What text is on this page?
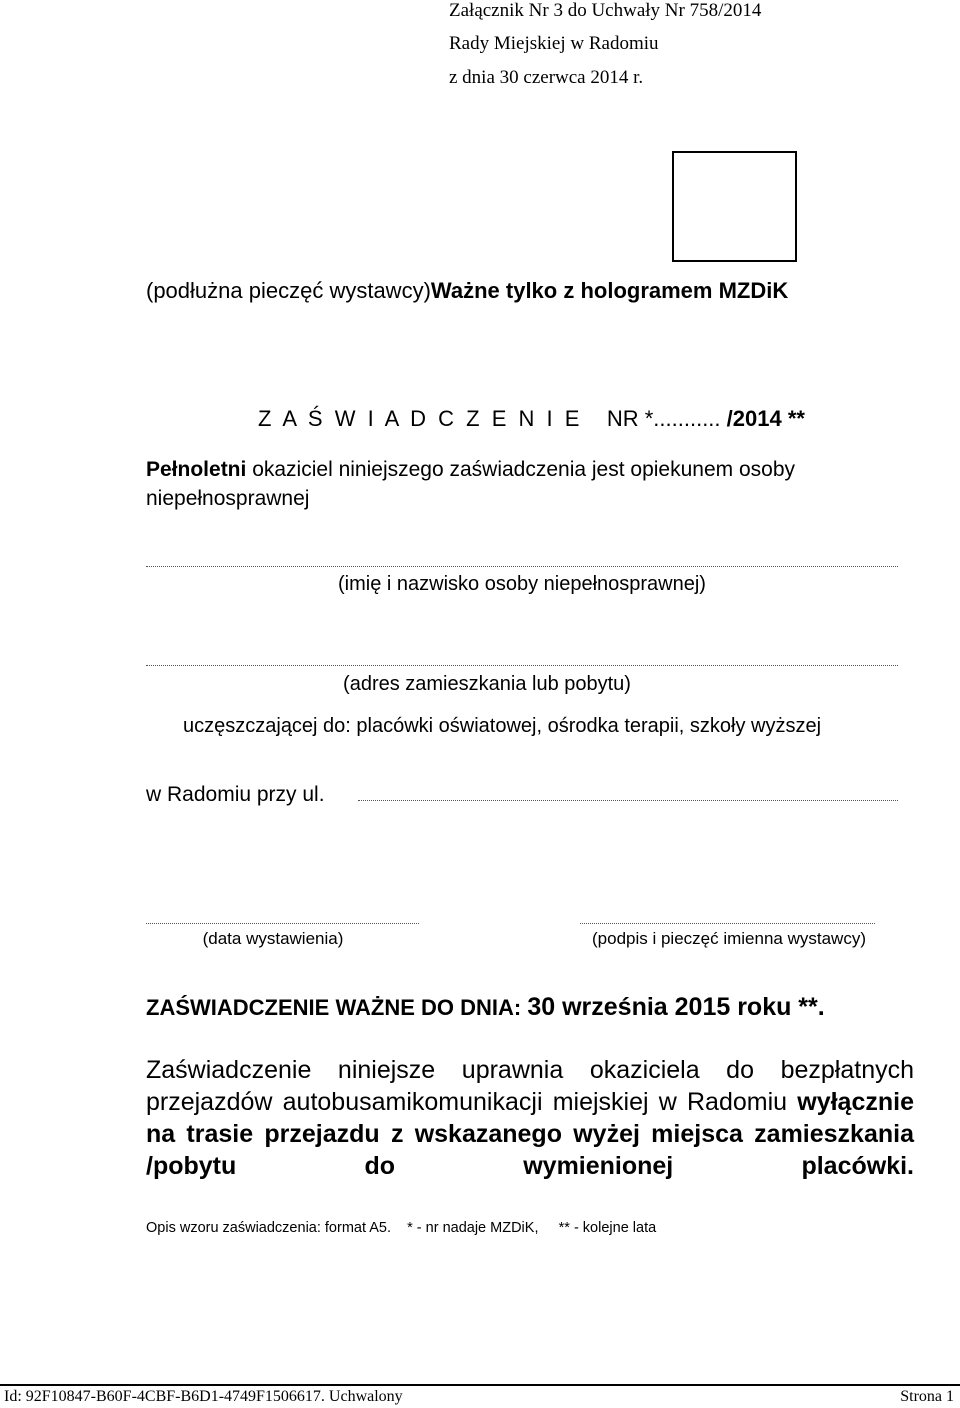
Załącznik Nr 3 do Uchwały Nr 758/2014
Rady Miejskiej w Radomiu
z dnia 30 czerwca 2014 r.
(podłużna pieczęć wystawcy)Ważne tylko z hologramem MZDiK
Z A Ś W I A D C Z E N I E NR *........... /2014 **
Pełnoletni okaziciel niniejszego zaświadczenia jest opiekunem osoby niepełnosprawnej
(imię i nazwisko osoby niepełnosprawnej)
(adres zamieszkania lub pobytu)
uczęszczającej do: placówki oświatowej, ośrodka terapii, szkoły wyższej
w Radomiu przy ul.
(data wystawienia)	(podpis i pieczęć imienna wystawcy)
ZAŚWIADCZENIE WAŻNE DO DNIA: 30 września 2015 roku **.
Zaświadczenie niniejsze uprawnia okaziciela do bezpłatnych przejazdów autobusamikomunikacji miejskiej w Radomiu wyłącznie na trasie przejazdu z wskazanego wyżej miejsca zamieszkania /pobytu do wymienionej placówki.
Opis wzoru zaświadczenia: format A5. * - nr nadaje MZDiK, ** - kolejne lata
Id: 92F10847-B60F-4CBF-B6D1-4749F1506617. Uchwalony	Strona 1
